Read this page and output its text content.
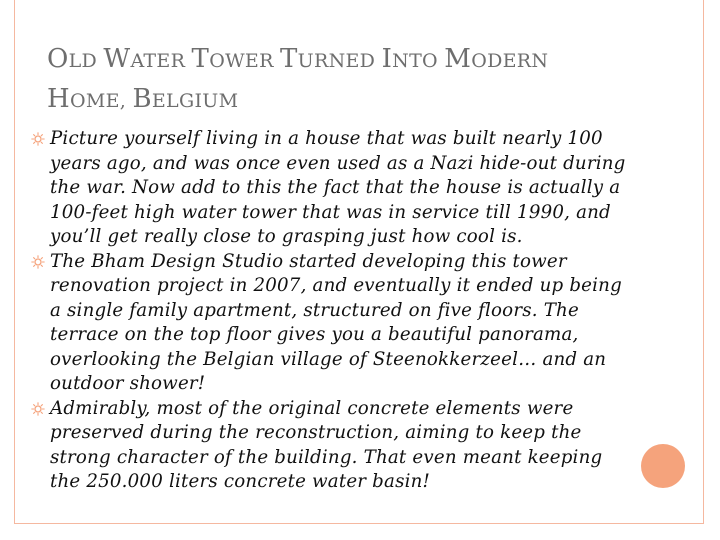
OLD WATER TOWER TURNED INTO MODERN
HOME, BELGIUM
Picture yourself living in a house that was built nearly 100
years ago, and was once even used as a Nazi hide-out during
the war. Now add to this the fact that the house is actually a
100-feet high water tower that was in service till 1990, and
you’ll get really close to grasping just how cool is.
The Bham Design Studio started developing this tower
renovation project in 2007, and eventually it ended up being
a single family apartment, structured on five floors. The
terrace on the top floor gives you a beautiful panorama,
overlooking the Belgian village of Steenokkerzeel… and an
outdoor shower!
Admirably, most of the original concrete elements were
preserved during the reconstruction, aiming to keep the
strong character of the building. That even meant keeping
the 250.000 liters concrete water basin!
